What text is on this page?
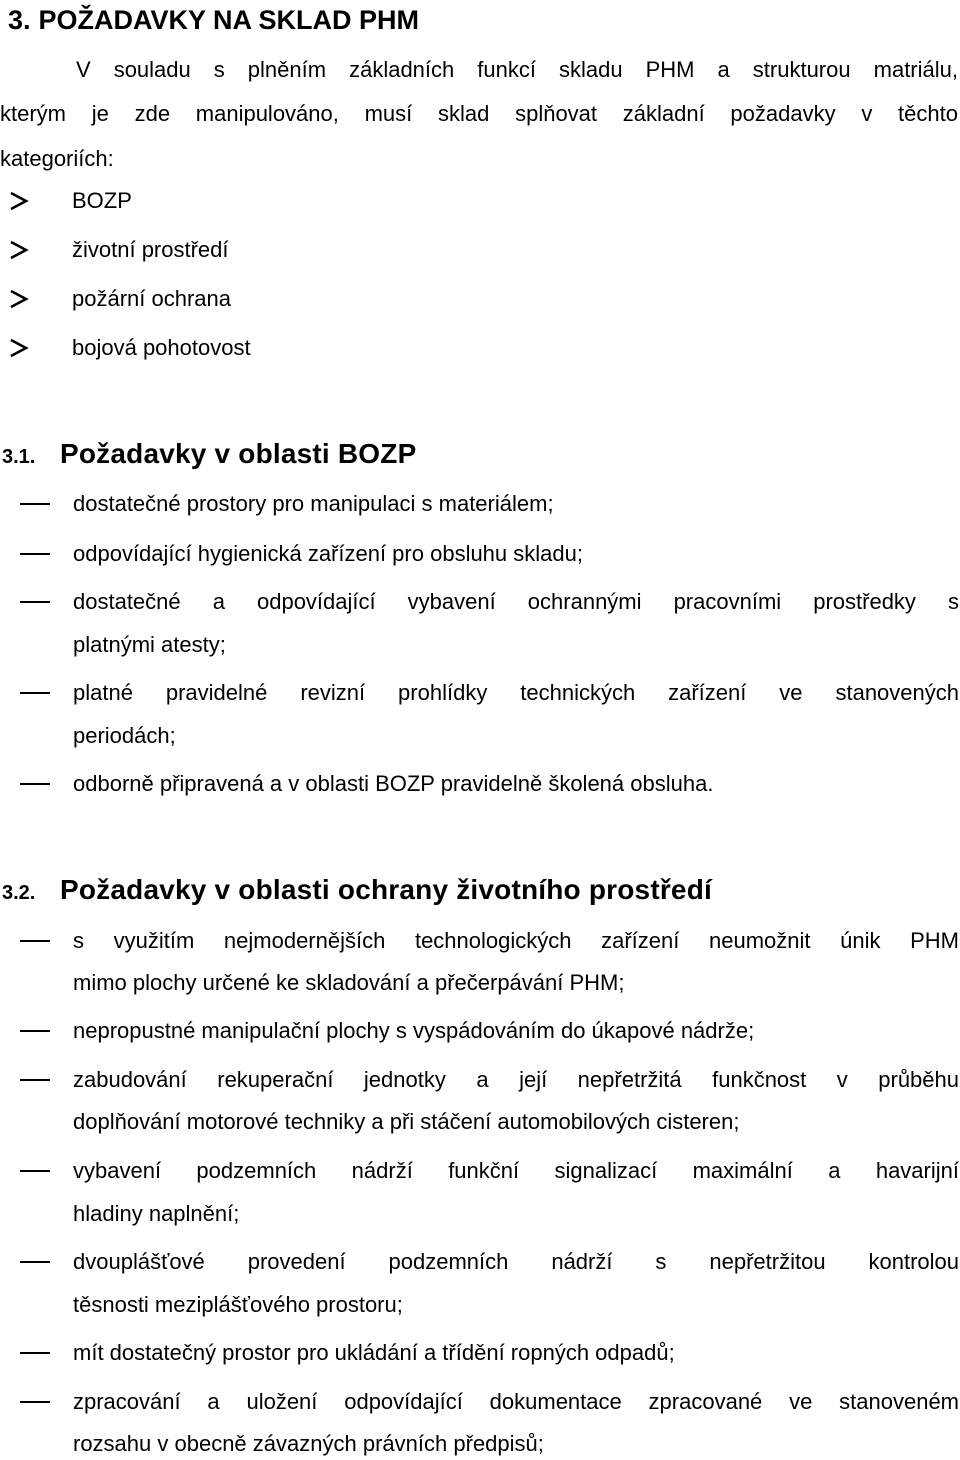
3. POŽADAVKY NA SKLAD PHM
V souladu s plněním základních funkcí skladu PHM a strukturou matriálu,
kterým je zde manipulováno, musí sklad splňovat základní požadavky v těchto
kategoriích:
BOZP
životní prostředí
požární ochrana
bojová pohotovost
3.1. Požadavky v oblasti BOZP
dostatečné prostory pro manipulaci s materiálem;
odpovídající hygienická zařízení pro obsluhu skladu;
dostatečné a odpovídající vybavení ochrannými pracovními prostředky s
platnými atesty;
platné pravidelné revizní prohlídky technických zařízení ve stanovených
periodách;
odborně připravená a v oblasti BOZP pravidelně školená obsluha.
3.2. Požadavky v oblasti ochrany životního prostředí
s využitím nejmodernějších technologických zařízení neumožnit únik PHM
mimo plochy určené ke skladování a přečerpávání PHM;
nepropustné manipulační plochy s vyspádováním do úkapové nádrže;
zabudování rekuperační jednotky a její nepřetržitá funkčnost v průběhu
doplňování motorové techniky a při stáčení automobilových cisteren;
vybavení podzemních nádrží funkční signalizací maximální a havarijní
hladiny naplnění;
dvouplášťové provedení podzemních nádrží s nepřetržitou kontrolou
těsnosti meziplášťového prostoru;
mít dostatečný prostor pro ukládání a třídění ropných odpadů;
zpracování a uložení odpovídající dokumentace zpracované ve stanoveném
rozsahu v obecně závazných právních předpisů;
